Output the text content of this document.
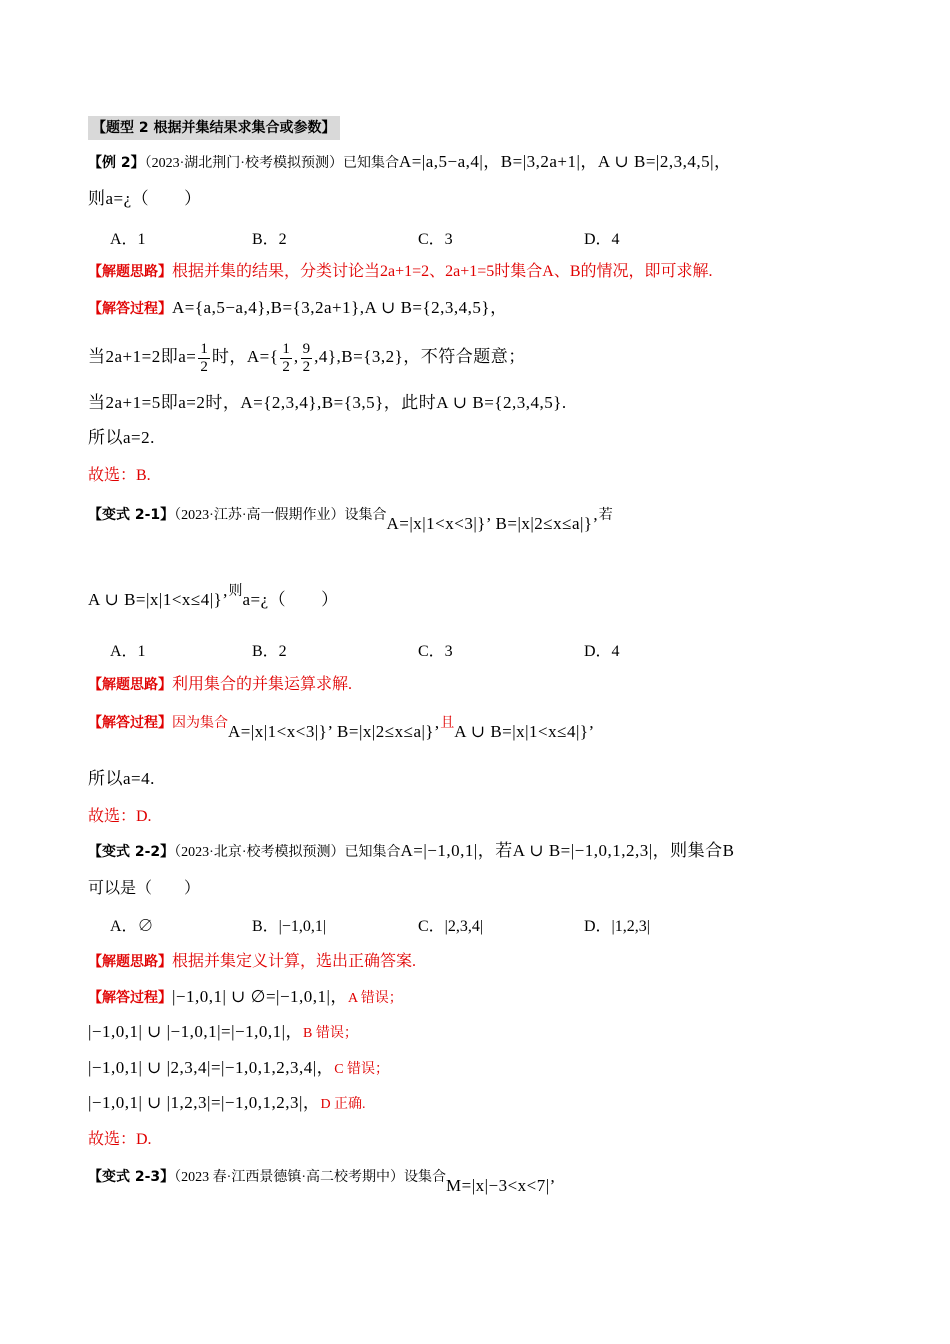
【题型 2 根据并集结果求集合或参数】
【例 2】（2023·湖北荆门·校考模拟预测）已知集合A=|a,5−a,4|，B=|3,2a+1|，A ∪ B=|2,3,4,5|，
则a=¿（　　）
A．1	B．2	C．3	D．4
【解题思路】根据并集的结果，分类讨论当2a+1=2、2a+1=5时集合A、B的情况，即可求解.
【解答过程】A={a,5−a,4},B={3,2a+1},A ∪ B={2,3,4,5}，
当2a+1=2即$a= \frac{1}{2}$ 时，$A=\{ \frac{1}{2}$ , $\frac{9}{2} ,4\},B=\{3,2\}$，不符合题意；
当2a+1=5即a=2时，A={2,3,4},B={3,5}，此时A ∪ B={2,3,4,5}.
所以a=2.
故选：B.
【变式 2-1】（2023·江苏·高一假期作业）设集合A=|x|1<x<3|}’ B=|x|2≤x≤a|}’若
A ∪ B=|x|1<x≤4|}’则a=¿（　　）
A．1	B．2	C．3	D．4
【解题思路】利用集合的并集运算求解.
【解答过程】因为集合A=|x|1<x<3|}’ B=|x|2≤x≤a|}’且A ∪ B=|x|1<x≤4|}’
所以a=4.
故选：D.
【变式 2-2】（2023·北京·校考模拟预测）已知集合A=|−1,0,1|，若A ∪ B=|−1,0,1,2,3|，则集合B
可以是（　　）
A．∅	B．|−1,0,1|	C．|2,3,4|	D．|1,2,3|
【解题思路】根据并集定义计算，选出正确答案.
【解答过程】|−1,0,1| ∪ ∅=|−1,0,1|，A 错误；
|−1,0,1| ∪ |−1,0,1|=|−1,0,1|，B 错误；
|−1,0,1| ∪ |2,3,4|=|−1,0,1,2,3,4|，C 错误；
|−1,0,1| ∪ |1,2,3|=|−1,0,1,2,3|，D 正确.
故选：D.
【变式 2-3】（2023 春·江西景德镇·高二校考期中）设集合M=|x|−3<x<7|’
